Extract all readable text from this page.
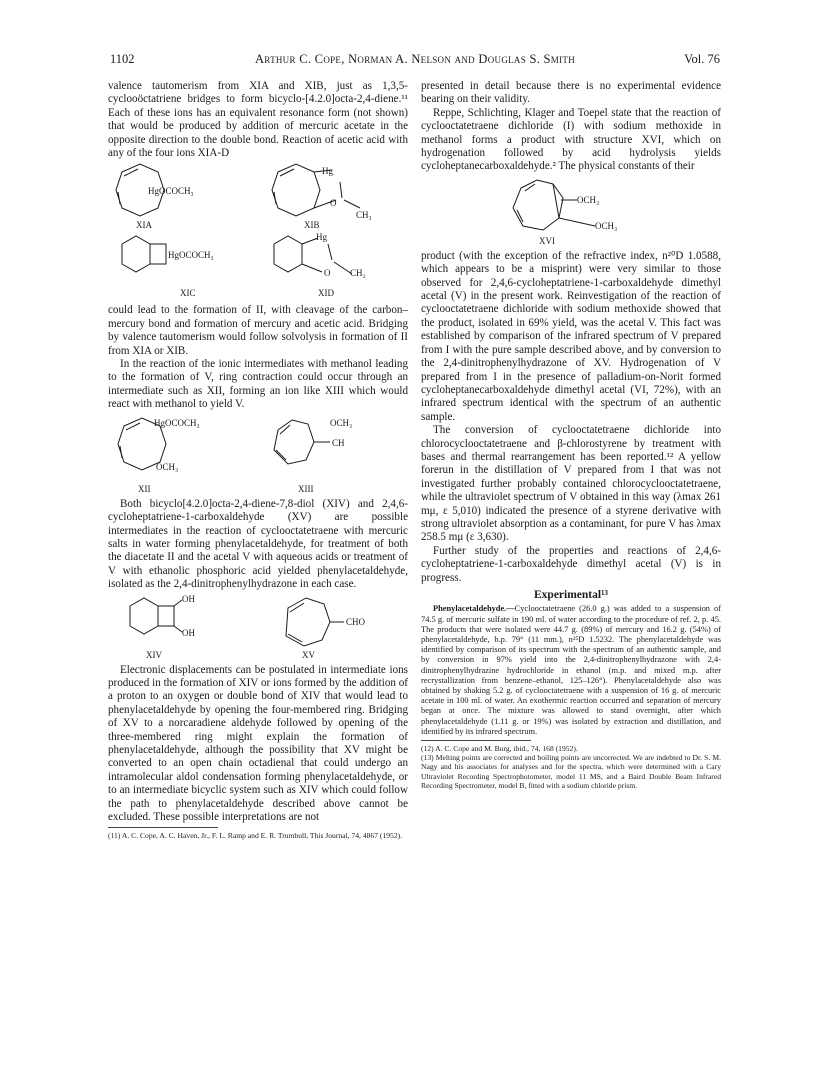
1102	Arthur C. Cope, Norman A. Nelson and Douglas S. Smith	Vol. 76

valence tautomerism from XIA and XIB, just as 1,3,5-cyclooöctatriene bridges to form bicyclo-[4.2.0]octa-2,4-diene.¹¹ Each of these ions has an equivalent resonance form (not shown) that would be produced by addition of mercuric acetate in the opposite direction to the double bond. Reaction of acetic acid with any of the four ions XIA-D

HgOCOCH₃
XIA
Hg
O
CH₃
XIB
HgOCOCH₃
XIC
Hg
O CH₂
XID

could lead to the formation of II, with cleavage of the carbon–mercury bond and formation of mercury and acetic acid. Bridging by valence tautomerism would follow solvolysis in formation of II from XIA or XIB.

In the reaction of the ionic intermediates with methanol leading to the formation of V, ring contraction could occur through an intermediate such as XII, forming an ion like XIII which would react with methanol to yield V.

HgOCOCH₃
OCH₃
XII
OCH₃
CH
XIII

Both bicyclo[4.2.0]octa-2,4-diene-7,8-diol (XIV) and 2,4,6-cycloheptatriene-1-carboxaldehyde (XV) are possible intermediates in the reaction of cyclooctatetraene with mercuric salts in water forming phenylacetaldehyde, for treatment of both the diacetate II and the acetal V with aqueous acids or treatment of V with ethanolic phosphoric acid yielded phenylacetaldehyde, isolated as the 2,4-dinitrophenylhydrazone in each case.

OH
OH
XIV
CHO
XV

Electronic displacements can be postulated in intermediate ions produced in the formation of XIV or ions formed by the addition of a proton to an oxygen or double bond of XIV that would lead to phenylacetaldehyde by opening the four-membered ring. Bridging of XV to a norcaradiene aldehyde followed by opening of the three-membered ring might explain the formation of phenylacetaldehyde, although the possibility that XV might be converted to an open chain octadienal that could undergo an intramolecular aldol condensation forming phenylacetaldehyde, or to an intermediate bicyclic system such as XIV which could follow the path to phenylacetaldehyde described above cannot be excluded. These possible interpretations are not

(11) A. C. Cope, A. C. Haven, Jr., F. L. Ramp and E. R. Trumbull, This Journal, 74, 4867 (1952).

presented in detail because there is no experimental evidence bearing on their validity.

Reppe, Schlichting, Klager and Toepel state that the reaction of cyclooctatetraene dichloride (I) with sodium methoxide in methanol forms a product with structure XVI, which on hydrogenation followed by acid hydrolysis yields cycloheptanecarboxaldehyde.² The physical constants of their

OCH₃
OCH₃
XVI

product (with the exception of the refractive index, n²⁰D 1.0588, which appears to be a misprint) were very similar to those observed for 2,4,6-cycloheptatriene-1-carboxaldehyde dimethyl acetal (V) in the present work. Reinvestigation of the reaction of cyclooctatetraene dichloride with sodium methoxide showed that the product, isolated in 69% yield, was the acetal V. This fact was established by comparison of the infrared spectrum of V prepared from I with the pure sample described above, and by conversion to the 2,4-dinitrophenylhydrazone of XV. Hydrogenation of V prepared from I in the presence of palladium-on-Norit formed cycloheptanecarboxaldehyde dimethyl acetal (VI, 72%), with an infrared spectrum identical with the spectrum of an authentic sample.

The conversion of cyclooctatetraene dichloride into chlorocyclooctatetraene and β-chlorostyrene by treatment with bases and thermal rearrangement has been reported.¹² A yellow forerun in the distillation of V prepared from I that was not investigated further probably contained chlorocyclooctatetraene, while the ultraviolet spectrum of V obtained in this way (λmax 261 mμ, ε 5,010) indicated the presence of a styrene derivative with strong ultraviolet absorption as a contaminant, for pure V has λmax 258.5 mμ (ε 3,630).

Further study of the properties and reactions of 2,4,6-cycloheptatriene-1-carboxaldehyde dimethyl acetal (V) is in progress.

Experimental¹³

Phenylacetaldehyde.—Cyclooctatetraene (26.0 g.) was added to a suspension of 74.5 g. of mercuric sulfate in 190 ml. of water according to the procedure of ref. 2, p. 45. The products that were isolated were 44.7 g. (89%) of mercury and 16.2 g. (54%) of phenylacetaldehyde, b.p. 79° (11 mm.), n²⁵D 1.5232. The phenylacetaldehyde was identified by comparison of its spectrum with the spectrum of an authentic sample, and by conversion in 97% yield into the 2,4-dinitrophenylhydrazone with 2,4-dinitrophenylhydrazine hydrochloride in ethanol (m.p. and mixed m.p. after recrystallization from benzene–ethanol, 125–126°). Phenylacetaldehyde also was obtained by shaking 5.2 g. of cyclooctatetraene with a suspension of 16 g. of mercuric acetate in 100 ml. of water. An exothermic reaction occurred and separation of mercury began at once. The mixture was allowed to stand overnight, after which phenylacetaldehyde (1.11 g. or 19%) was isolated by extraction and distillation, and identified by its infrared spectrum.

(12) A. C. Cope and M. Burg, ibid., 74, 168 (1952).

(13) Melting points are corrected and boiling points are uncorrected. We are indebted to Dr. S. M. Nagy and his associates for analyses and for the spectra, which were determined with a Cary Ultraviolet Recording Spectrophotometer, model 11 MS, and a Baird Double Beam Infrared Recording Spectrometer, model B, fitted with a sodium chloride prism.
